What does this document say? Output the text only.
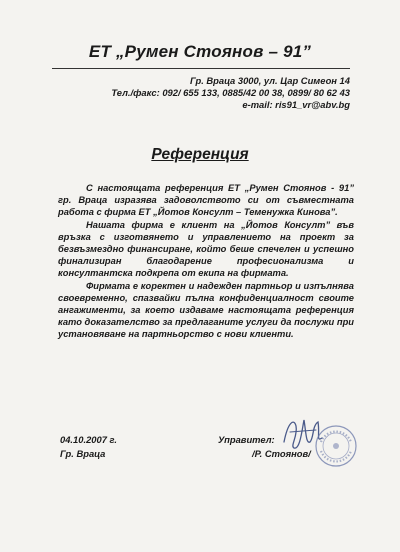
ЕТ „Румен Стоянов – 91”
Гр. Враца 3000, ул. Цар Симеон 14
Тел./факс: 092/ 655 133, 0885/42 00 38, 0899/ 80 62 43
e-mail: ris91_vr@abv.bg
Референция

С настоящата референция ЕТ „Румен Стоянов - 91” гр. Враца изразява задоволството си от съвместната работа с фирма ЕТ „Йотов Консулт – Теменужка Кинова”.

Нашата фирма е клиент на „Йотов Консулт” във връзка с изготвянето и управлението на проект за безвъзмездно финансиране, който беше спечелен и успешно финализиран благодарение професионализма и консултантска подкрепа от екипа на фирмата.

Фирмата е коректен и надежден партньор и изпълнява своевременно, спазвайки пълна конфиденциалност своите ангажименти, за което издаваме настоящата референция като доказателство за предлаганите услуги да послужи при установяване на партньорство с нови клиенти.

04.10.2007 г.
Гр. Враца
Управител:
/Р. Стоянов/
